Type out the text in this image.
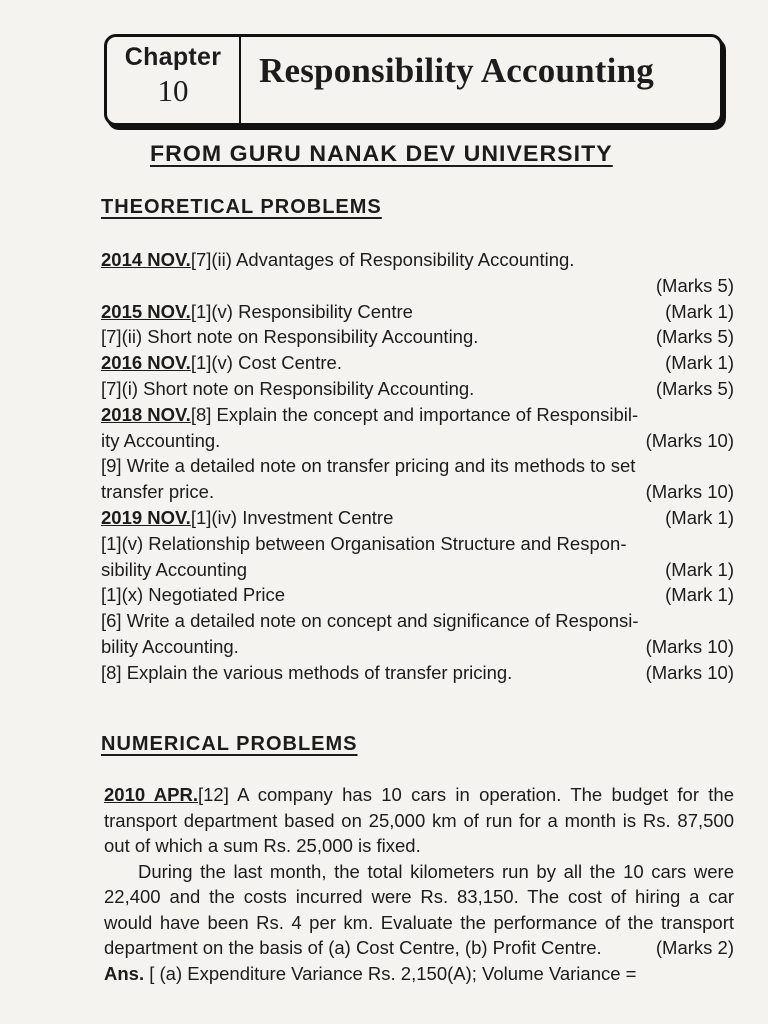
Chapter
10
Responsibility Accounting
FROM GURU NANAK DEV UNIVERSITY
THEORETICAL PROBLEMS
2014 NOV.[7](ii) Advantages of Responsibility Accounting.
(Marks 5)
2015 NOV.[1](v) Responsibility Centre	(Mark 1)
[7](ii) Short note on Responsibility Accounting.	(Marks 5)
2016 NOV.[1](v) Cost Centre.	(Mark 1)
[7](i) Short note on Responsibility Accounting.	(Marks 5)
2018 NOV.[8] Explain the concept and importance of Responsibil-
ity Accounting.	(Marks 10)
[9] Write a detailed note on transfer pricing and its methods to set
transfer price.	(Marks 10)
2019 NOV.[1](iv) Investment Centre	(Mark 1)
[1](v) Relationship between Organisation Structure and Respon-
sibility Accounting	(Mark 1)
[1](x) Negotiated Price	(Mark 1)
[6] Write a detailed note on concept and significance of Responsi-
bility Accounting.	(Marks 10)
[8] Explain the various methods of transfer pricing.	(Marks 10)
NUMERICAL PROBLEMS

2010 APR.[12] A company has 10 cars in operation. The budget for the transport department based on 25,000 km of run for a month is Rs. 87,500 out of which a sum Rs. 25,000 is fixed.

During the last month, the total kilometers run by all the 10 cars were 22,400 and the costs incurred were Rs. 83,150. The cost of hiring a car would have been Rs. 4 per km. Evaluate the performance of the transport department on the basis of (a) Cost Centre, (b) Profit Centre.	(Marks 2)

Ans. [ (a) Expenditure Variance Rs. 2,150(A); Volume Variance =
